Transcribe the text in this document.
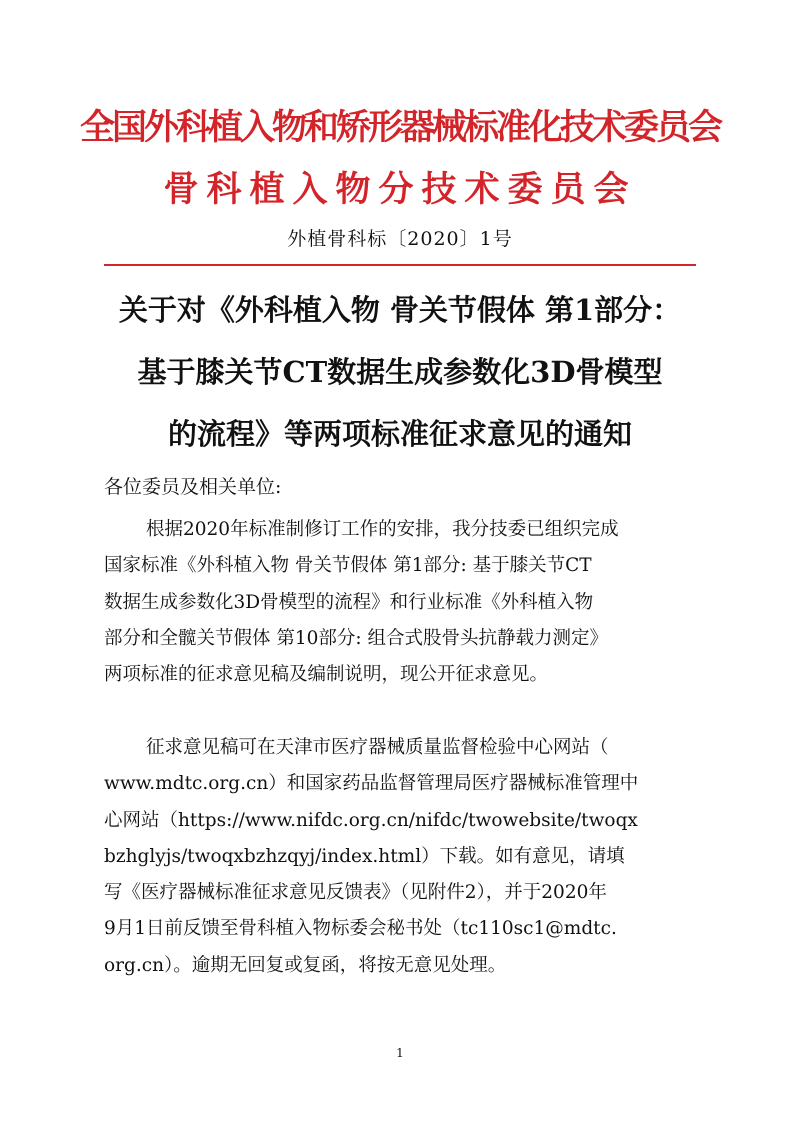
全国外科植入物和矫形器械标准化技术委员会

骨科植入物分技术委员会

外植骨科标〔2020〕1号

关于对《外科植入物 骨关节假体 第1部分：

基于膝关节CT数据生成参数化3D骨模型

的流程》等两项标准征求意见的通知

各位委员及相关单位:

根据2020年标准制修订工作的安排，我分技委已组织完成
国家标准《外科植入物 骨关节假体 第1部分: 基于膝关节CT
数据生成参数化3D骨模型的流程》和行业标准《外科植入物
部分和全髋关节假体 第10部分: 组合式股骨头抗静载力测定》
两项标准的征求意见稿及编制说明，现公开征求意见。
征求意见稿可在天津市医疗器械质量监督检验中心网站（
www.mdtc.org.cn）和国家药品监督管理局医疗器械标准管理中
心网站（https://www.nifdc.org.cn/nifdc/twowebsite/twoqx
bzhglyjs/twoqxbzhzqyj/index.html）下载。如有意见，请填
写《医疗器械标准征求意见反馈表》（见附件2），并于2020年
9月1日前反馈至骨科植入物标委会秘书处（tc110sc1@mdtc.
org.cn）。逾期无回复或复函，将按无意见处理。

1
